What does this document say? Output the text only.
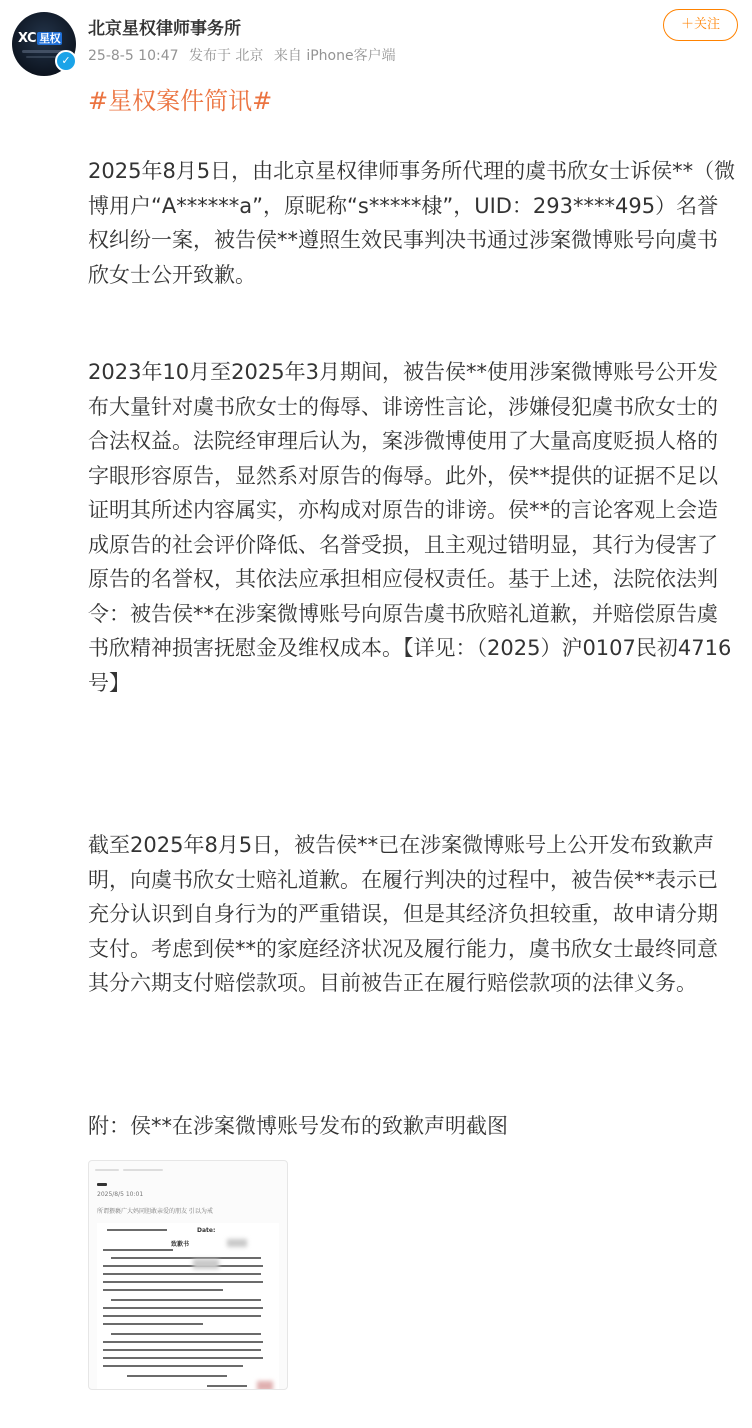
XC 星权
✓
北京星权律师事务所
25-8-5 10:47 发布于 北京 来自 iPhone客户端
＋关注
#星权案件简讯#
2025年8月5日，由北京星权律师事务所代理的虞书欣女士诉侯**（微博用户“A******a”，原昵称“s*****棣”，UID：293****495）名誉权纠纷一案，被告侯**遵照生效民事判决书通过涉案微博账号向虞书欣女士公开致歉。
2023年10月至2025年3月期间，被告侯**使用涉案微博账号公开发布大量针对虞书欣女士的侮辱、诽谤性言论，涉嫌侵犯虞书欣女士的合法权益。法院经审理后认为，案涉微博使用了大量高度贬损人格的字眼形容原告，显然系对原告的侮辱。此外，侯**提供的证据不足以证明其所述内容属实，亦构成对原告的诽谤。侯**的言论客观上会造成原告的社会评价降低、名誉受损，且主观过错明显，其行为侵害了原告的名誉权，其依法应承担相应侵权责任。基于上述，法院依法判令：被告侯**在涉案微博账号向原告虞书欣赔礼道歉，并赔偿原告虞书欣精神损害抚慰金及维权成本。【详见：（2025）沪0107民初4716号】
截至2025年8月5日，被告侯**已在涉案微博账号上公开发布致歉声明，向虞书欣女士赔礼道歉。在履行判决的过程中，被告侯**表示已充分认识到自身行为的严重错误，但是其经济负担较重，故申请分期支付。考虑到侯**的家庭经济状况及履行能力，虞书欣女士最终同意其分六期支付赔偿款项。目前被告正在履行赔偿款项的法律义务。
附：侯**在涉案微博账号发布的致歉声明截图
2025/8/5 10:01
所谓猥褻广大妈同胆敢亲爱的朋友 引以为戒
Date:
致歉书
